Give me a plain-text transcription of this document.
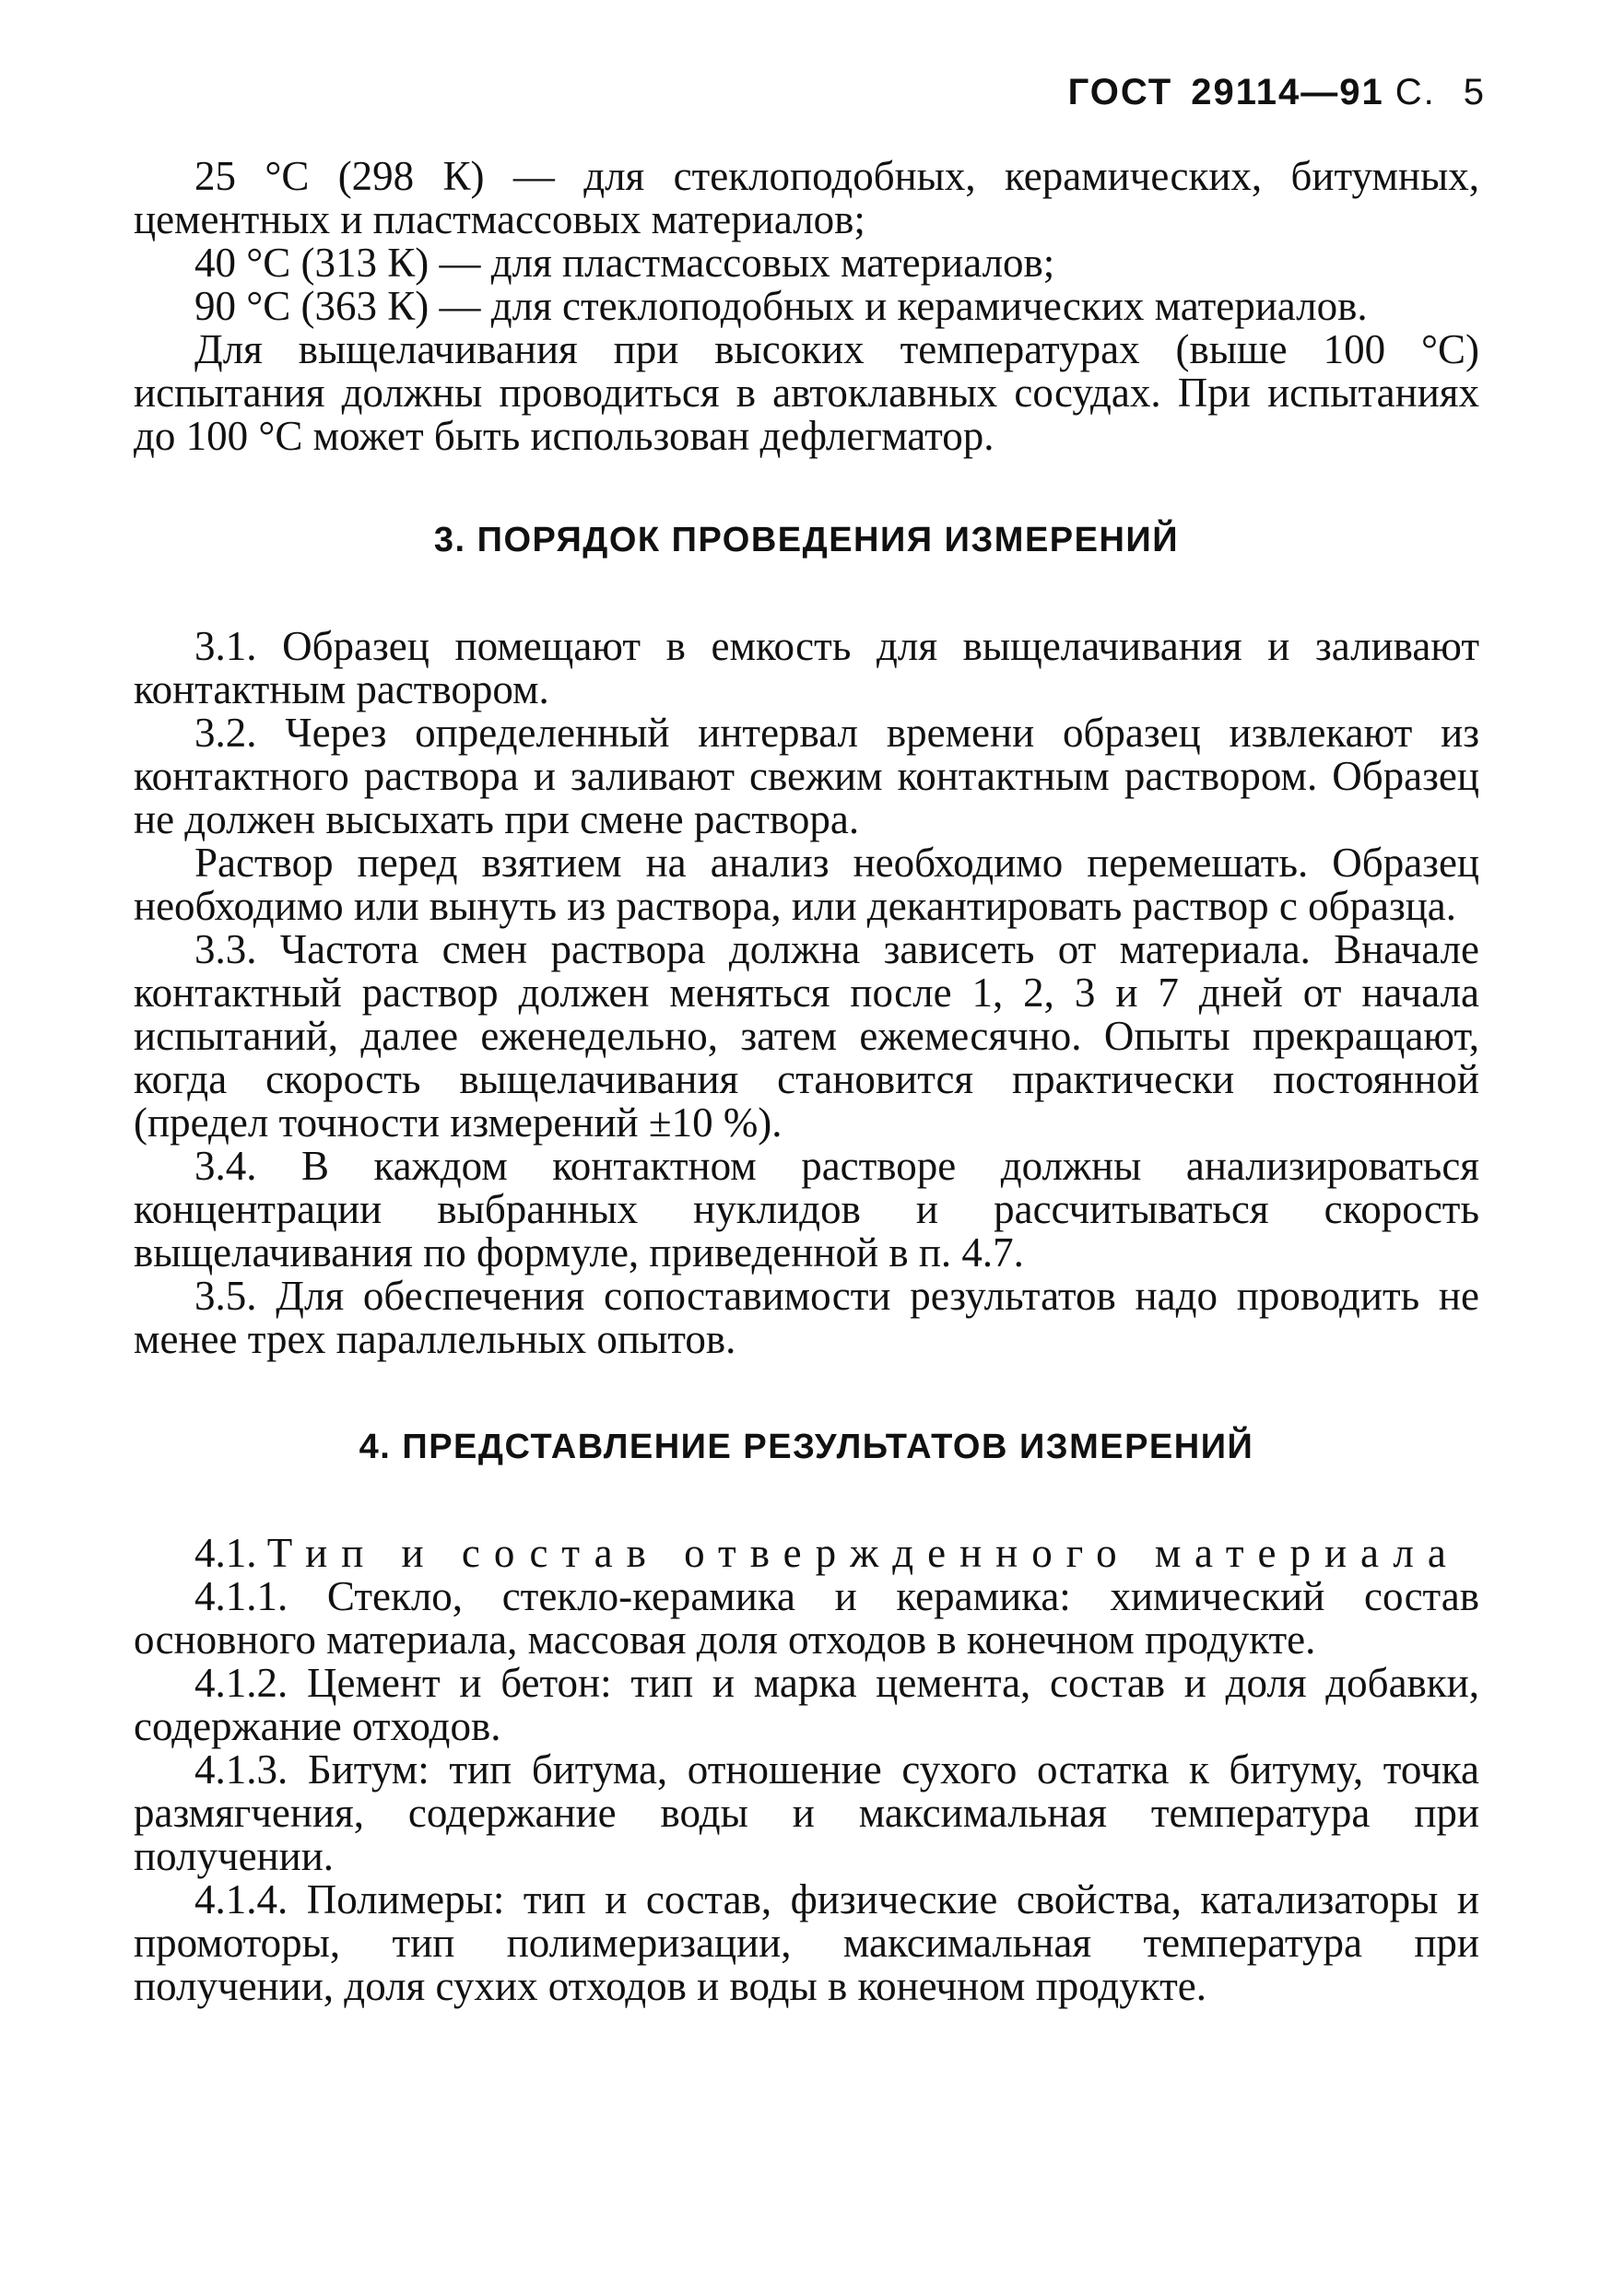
ГОСТ 29114—91 С. 5

25 °C (298 К) — для стеклоподобных, керамических, битумных, цементных и пластмассовых материалов;

40 °C (313 К) — для пластмассовых материалов;

90 °C (363 К) — для стеклоподобных и керамических материалов.

Для выщелачивания при высоких температурах (выше 100 °C) испытания должны проводиться в автоклавных сосудах. При испытаниях до 100 °C может быть использован дефлегматор.

3. ПОРЯДОК ПРОВЕДЕНИЯ ИЗМЕРЕНИЙ

3.1. Образец помещают в емкость для выщелачивания и заливают контактным раствором.

3.2. Через определенный интервал времени образец извлекают из контактного раствора и заливают свежим контактным раствором. Образец не должен высыхать при смене раствора.

Раствор перед взятием на анализ необходимо перемешать. Образец необходимо или вынуть из раствора, или декантировать раствор с образца.

3.3. Частота смен раствора должна зависеть от материала. Вначале контактный раствор должен меняться после 1, 2, 3 и 7 дней от начала испытаний, далее еженедельно, затем ежемесячно. Опыты прекращают, когда скорость выщелачивания становится практически постоянной (предел точности измерений ±10 %).

3.4. В каждом контактном растворе должны анализироваться концентрации выбранных нуклидов и рассчитываться скорость выщелачивания по формуле, приведенной в п. 4.7.

3.5. Для обеспечения сопоставимости результатов надо проводить не менее трех параллельных опытов.

4. ПРЕДСТАВЛЕНИЕ РЕЗУЛЬТАТОВ ИЗМЕРЕНИЙ

4.1. Тип и состав отвержденного материала

4.1.1. Стекло, стекло-керамика и керамика: химический состав основного материала, массовая доля отходов в конечном продукте.

4.1.2. Цемент и бетон: тип и марка цемента, состав и доля добавки, содержание отходов.

4.1.3. Битум: тип битума, отношение сухого остатка к битуму, точка размягчения, содержание воды и максимальная температура при получении.

4.1.4. Полимеры: тип и состав, физические свойства, катализаторы и промоторы, тип полимеризации, максимальная температура при получении, доля сухих отходов и воды в конечном продукте.
